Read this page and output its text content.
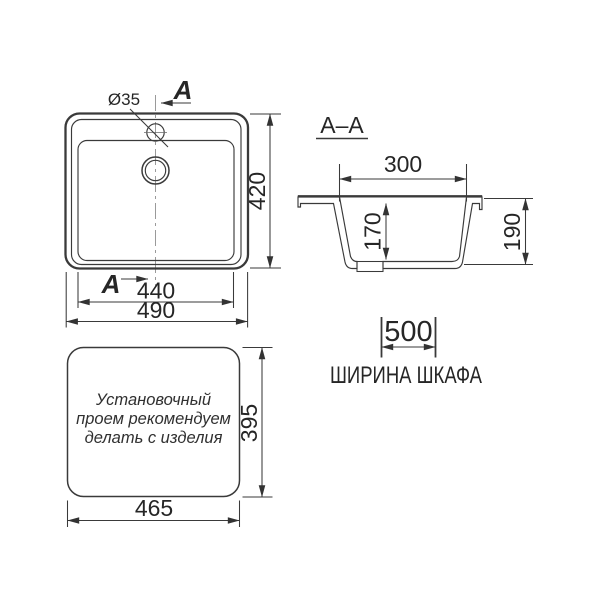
Ø35 A
A
420
440
490
A–A
300
170	190
500
ШИРИНА ШКАФА
Установочный
проем рекомендуем
делать с изделия 395
465
